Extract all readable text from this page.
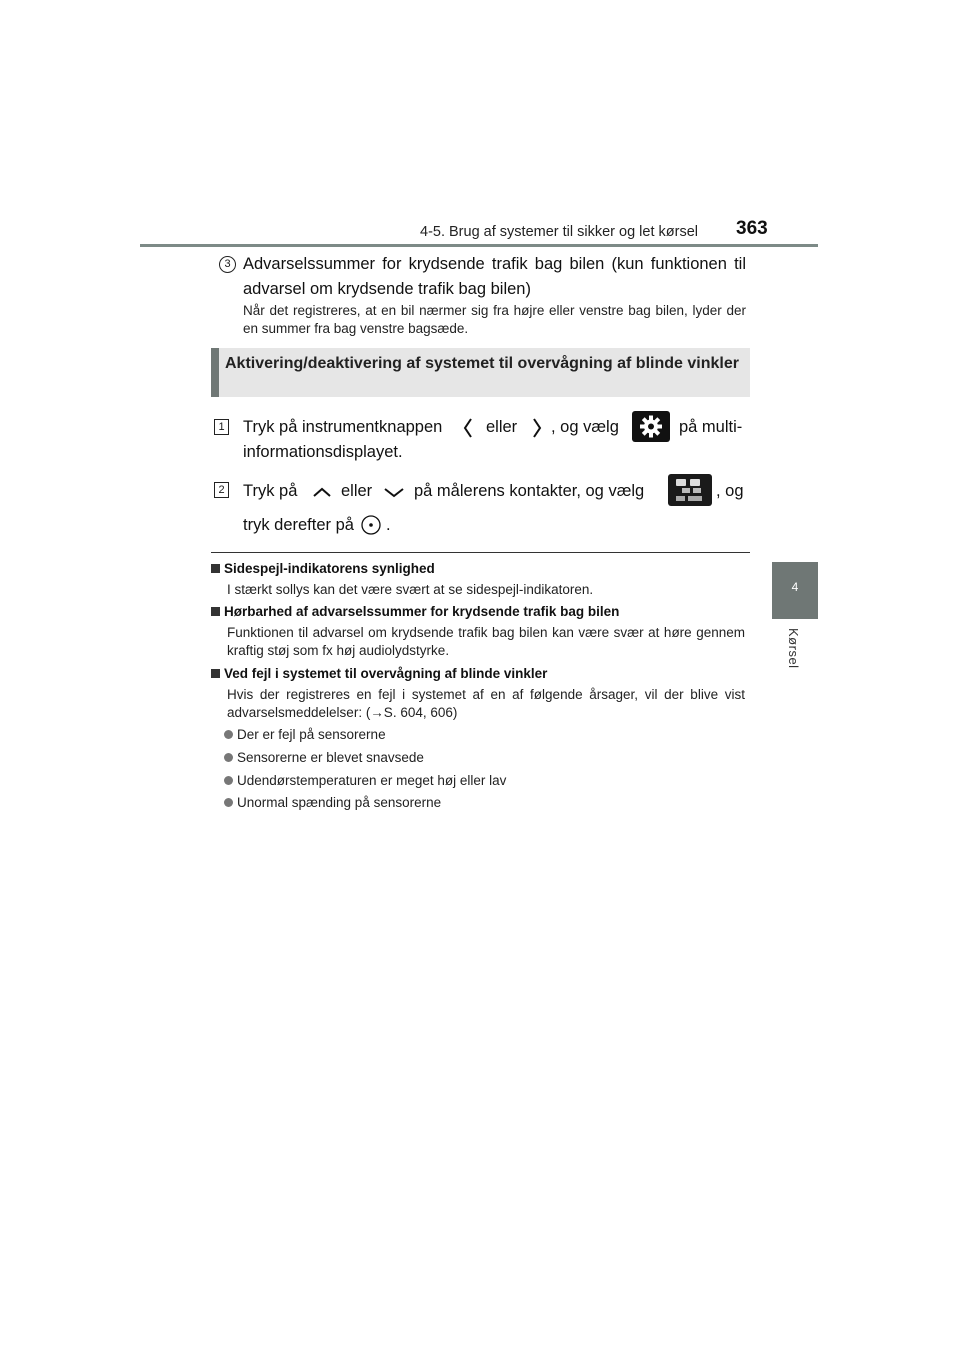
4-5. Brug af systemer til sikker og let kørsel 363
4
Kørsel
3 Advarselssummer for krydsende trafik bag bilen (kun funktionen til advarsel om krydsende trafik bag bilen)
Når det registreres, at en bil nærmer sig fra højre eller venstre bag bilen, lyder der en summer fra bag venstre bagsæde.
Aktivering/deaktivering af systemet til overvågning af blinde vinkler
1 Tryk på instrumentknappen	eller , og vælg	på multi-
informationsdisplayet.
2 Tryk på	eller	på målerens kontakter, og vælg	, og
tryk derefter på .
Sidespejl-indikatorens synlighed
I stærkt sollys kan det være svært at se sidespejl-indikatoren.
Hørbarhed af advarselssummer for krydsende trafik bag bilen
Funktionen til advarsel om krydsende trafik bag bilen kan være svær at høre gennem kraftig støj som fx høj audiolydstyrke.
Ved fejl i systemet til overvågning af blinde vinkler
Hvis der registreres en fejl i systemet af en af følgende årsager, vil der blive vist advarselsmeddelelser: (→S. 604, 606)
Der er fejl på sensorerne
Sensorerne er blevet snavsede
Udendørstemperaturen er meget høj eller lav
Unormal spænding på sensorerne
